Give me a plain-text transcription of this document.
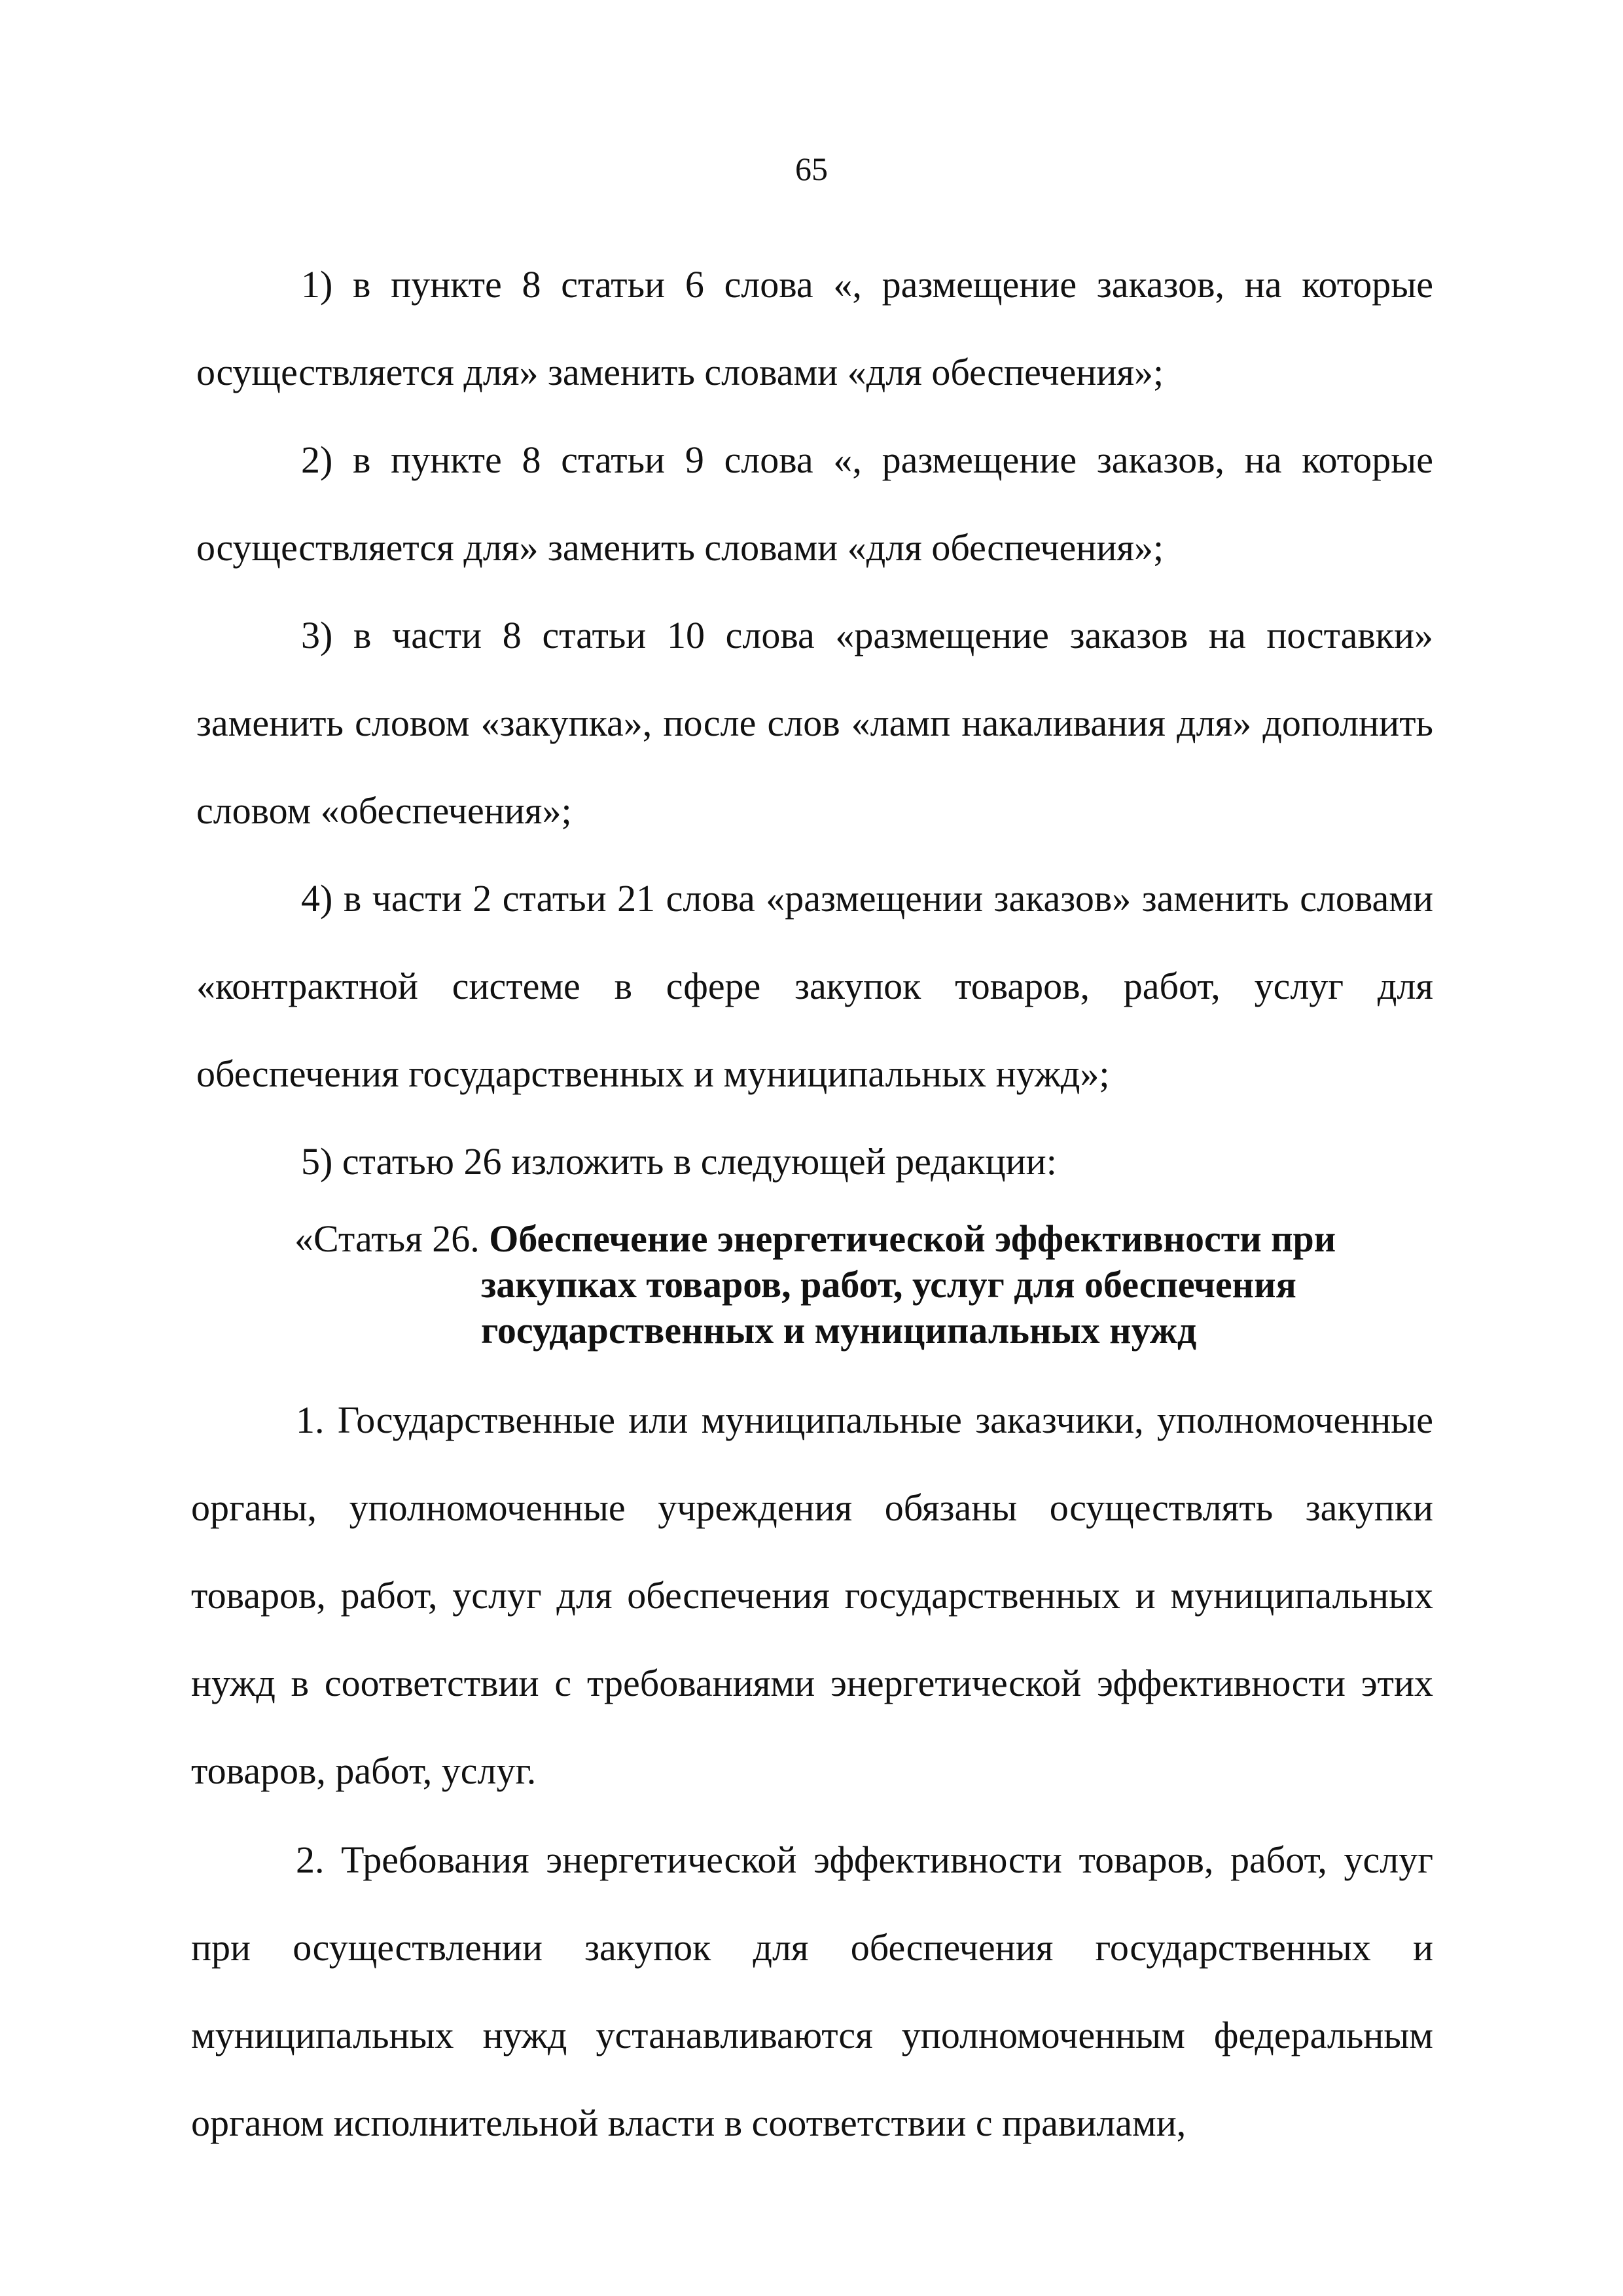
65

1) в пункте 8 статьи 6 слова «, размещение заказов, на которые осуществляется для» заменить словами «для обеспечения»;

2) в пункте 8 статьи 9 слова «, размещение заказов, на которые осуществляется для» заменить словами «для обеспечения»;

3) в части 8 статьи 10 слова «размещение заказов на поставки» заменить словом «закупка», после слов «ламп накаливания для» дополнить словом «обеспечения»;

4) в части 2 статьи 21 слова «размещении заказов» заменить словами «контрактной системе в сфере закупок товаров, работ, услуг для обеспечения государственных и муниципальных нужд»;

5) статью 26 изложить в следующей редакции:

«Статья 26. Обеспечение энергетической эффективности при
закупках товаров, работ, услуг для обеспечения
государственных и муниципальных нужд

1. Государственные или муниципальные заказчики, уполномоченные органы, уполномоченные учреждения обязаны осуществлять закупки товаров, работ, услуг для обеспечения государственных и муниципальных нужд в соответствии с требованиями энергетической эффективности этих товаров, работ, услуг.

2. Требования энергетической эффективности товаров, работ, услуг при осуществлении закупок для обеспечения государственных и муниципальных нужд устанавливаются уполномоченным федеральным органом исполнительной власти в соответствии с правилами,
